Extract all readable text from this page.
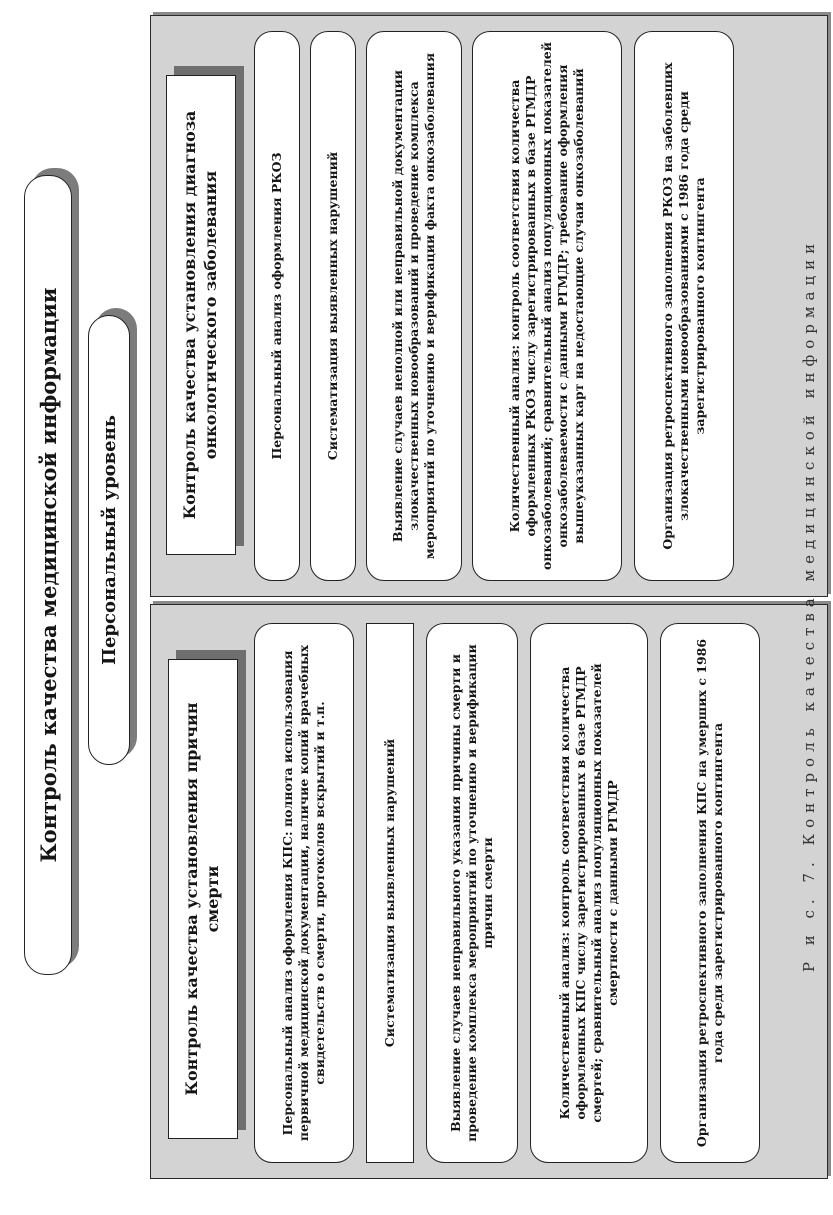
Контроль качества медицинской информации	Персональный уровень
Контроль качества установления причин смерти	Персональный анализ оформления КПС: полнота использования первичной медицинской документации, наличие копий врачебных свидетельств о смерти, протоколов вскрытий и т.п.	Систематизация выявленных нарушений	Выявление случаев неправильного указания причины смерти и проведение комплекса мероприятий по уточнению и верификации причин смерти	Количественный анализ: контроль соответствия количества оформленных КПС числу зарегистрированных в базе РГМДР смертей; сравнительный анализ популяционных показателей смертности с данными РГМДР	Организация ретроспективного заполнения КПС на умерших с 1986 года среди зарегистрированного контингента
Контроль качества установления диагноза онкологического заболевания	Персональный анализ оформления РКОЗ	Систематизация выявленных нарушений	Выявление случаев неполной или неправильной документации злокачественных новообразований и проведение комплекса мероприятий по уточнению и верификации факта онкозаболевания	Количественный анализ: контроль соответствия количества оформленных РКОЗ числу зарегистрированных в базе РГМДР онкозаболеваний; сравнительный анализ популяционных показателей онкозаболеваемости с данными РГМДР; требование оформления вышеуказанных карт на недостающие случаи онкозаболеваний	Организация ретроспективного заполнения РКОЗ на заболевших злокачественными новообразованиями с 1986 года среди зарегистрированного контингента	Р и с. 7. Контроль качества медицинской информации
